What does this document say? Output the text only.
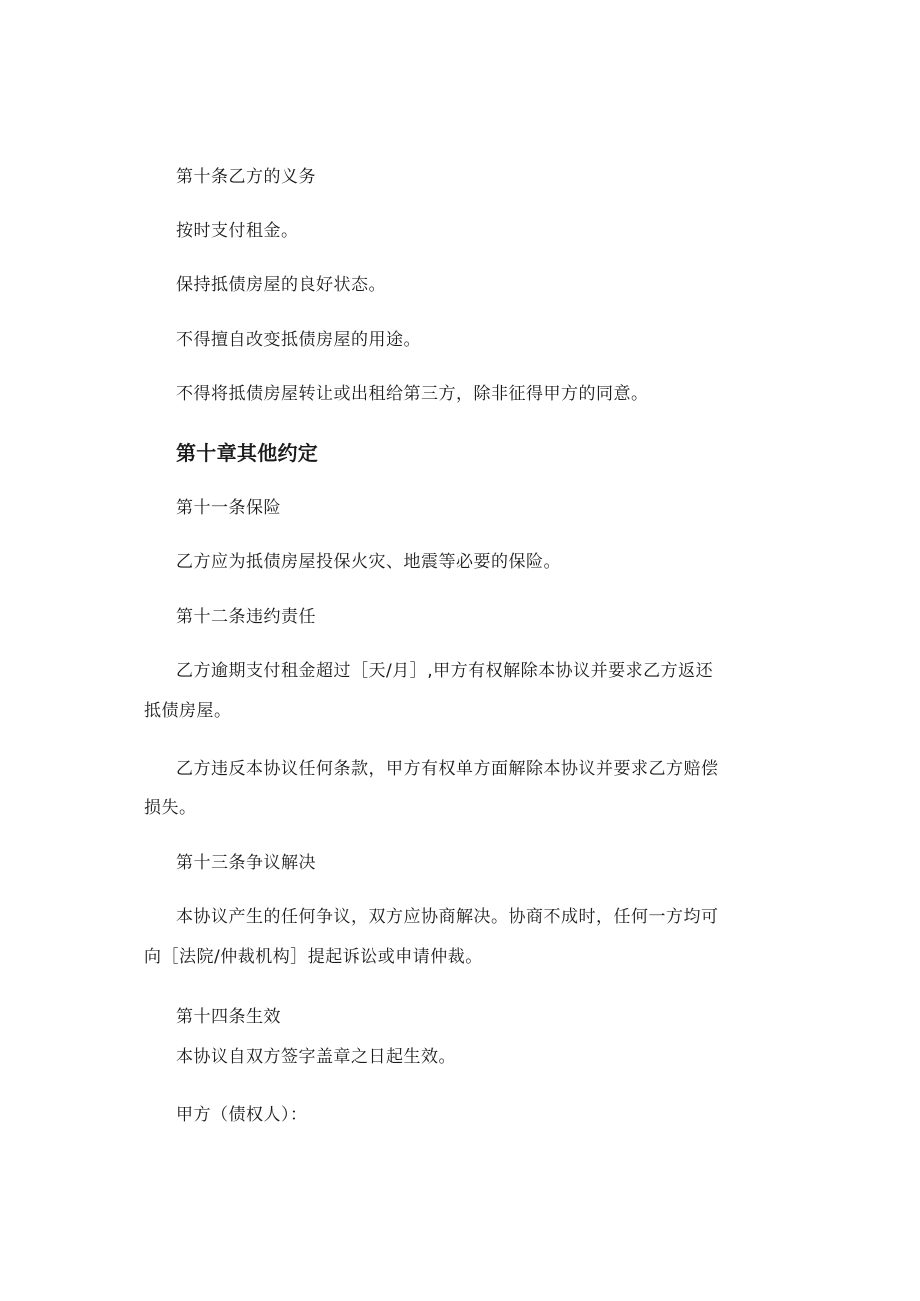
第十条乙方的义务
按时支付租金。
保持抵债房屋的良好状态。
不得擅自改变抵债房屋的用途。
不得将抵债房屋转让或出租给第三方，除非征得甲方的同意。
第十章其他约定
第十一条保险
乙方应为抵债房屋投保火灾、地震等必要的保险。
第十二条违约责任
乙方逾期支付租金超过［天/月］,甲方有权解除本协议并要求乙方返还
抵债房屋。
乙方违反本协议任何条款，甲方有权单方面解除本协议并要求乙方赔偿
损失。
第十三条争议解决
本协议产生的任何争议，双方应协商解决。协商不成时，任何一方均可
向［法院/仲裁机构］提起诉讼或申请仲裁。
第十四条生效
本协议自双方签字盖章之日起生效。
甲方（债权人）：
